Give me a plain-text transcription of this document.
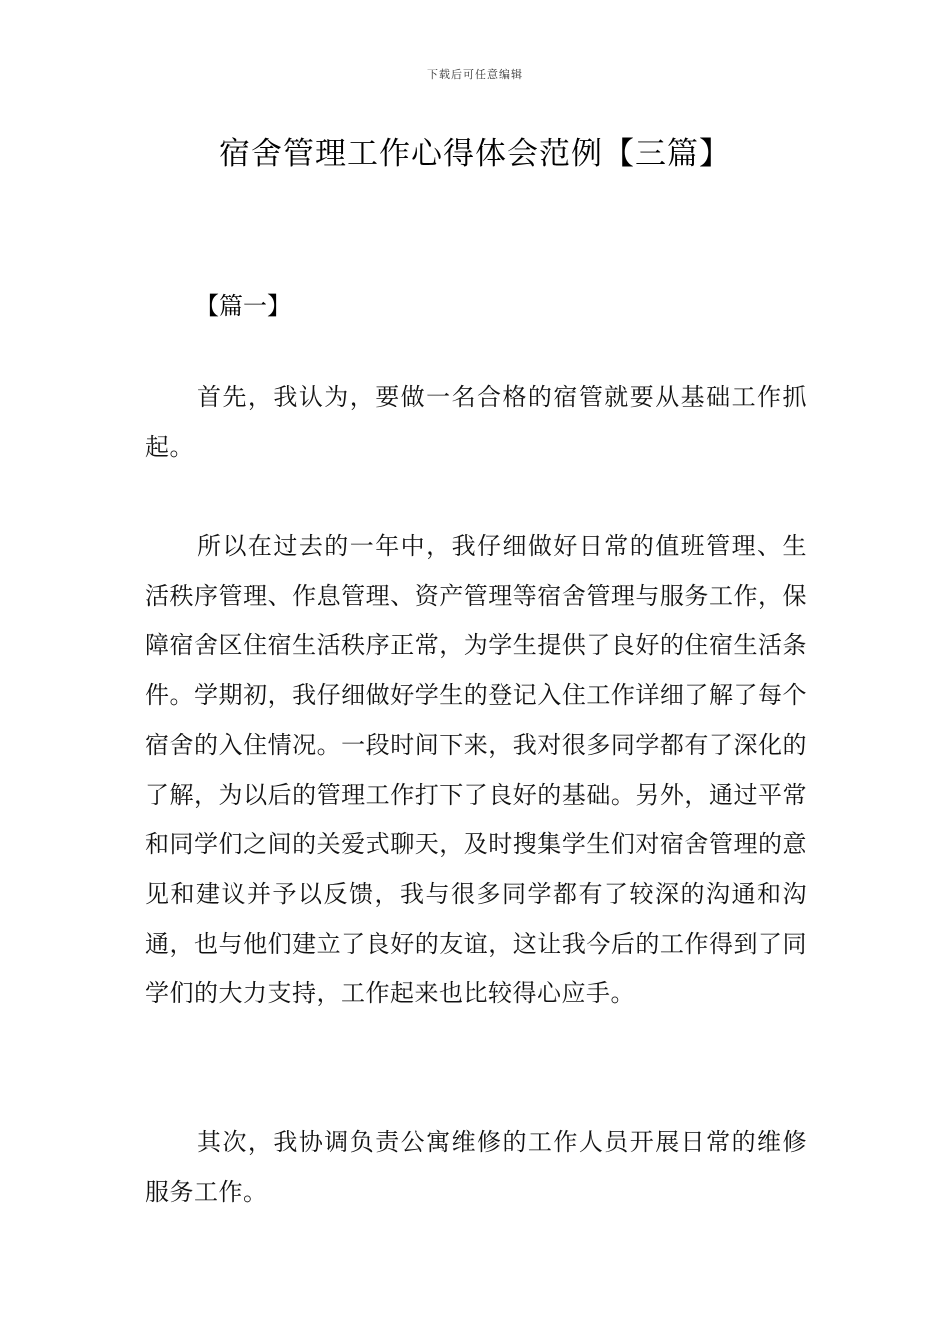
下载后可任意编辑
宿舍管理工作心得体会范例【三篇】
【篇一】

首先，我认为，要做一名合格的宿管就要从基础工作抓起。

所以在过去的一年中，我仔细做好日常的值班管理、生活秩序管理、作息管理、资产管理等宿舍管理与服务工作，保障宿舍区住宿生活秩序正常，为学生提供了良好的住宿生活条件。学期初，我仔细做好学生的登记入住工作详细了解了每个宿舍的入住情况。一段时间下来，我对很多同学都有了深化的了解，为以后的管理工作打下了良好的基础。另外，通过平常和同学们之间的关爱式聊天，及时搜集学生们对宿舍管理的意见和建议并予以反馈，我与很多同学都有了较深的沟通和沟通，也与他们建立了良好的友谊，这让我今后的工作得到了同学们的大力支持，工作起来也比较得心应手。

其次，我协调负责公寓维修的工作人员开展日常的维修服务工作。
